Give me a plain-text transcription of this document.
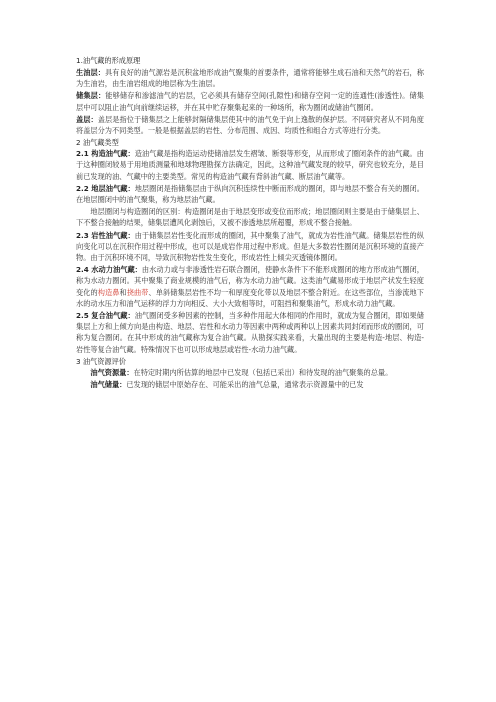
1.油气藏的形成原理

生油层：具有良好的油气源岩是沉积盆地形成油气聚集的首要条件，通常将能够生成石油和天然气的岩石，称为生油岩，由生油岩组成的地层称为生油层。

储集层：能够储存和渗滤油气的岩层，它必须具有储存空间(孔隙性)和储存空间一定的连通性(渗透性)。储集层中可以阻止油气向前继续运移，并在其中贮存聚集起来的一种场所，称为圈闭或储油气圈闭。

盖层：盖层是指位于储集层之上能够封隔储集层使其中的油气免于向上逸散的保护层。不同研究者从不同角度将盖层分为不同类型。一般是根据盖层的岩性、分布范围、成因、均质性和组合方式等进行分类。

2 油气藏类型

2.1 构造油气藏：造油气藏是指构造运动使储油层发生褶皱、断裂等形变，从而形成了圈闭条件的油气藏。由于这种圈闭较易于用地质测量和地球物理勘探方法确定，因此，这种油气藏发现的较早，研究也较充分，是目前已发现的油、气藏中的主要类型。常见的构造油气藏有背斜油气藏、断层油气藏等。

2.2 地层油气藏：地层圈闭是指储集层由于纵向沉积连续性中断而形成的圈闭，即与地层不整合有关的圈闭。在地层圈闭中的油气聚集，称为地层油气藏。

地层圈闭与构造圈闭的区别：构造圈闭是由于地层变形或变位而形成；地层圈闭则主要是由于储集层上、下不整合接触的结果，储集层遭风化剥蚀后，又被不渗透地层所超覆，形成不整合接触。

2.3 岩性油气藏：由于储集层岩性变化而形成的圈闭，其中聚集了油气，就成为岩性油气藏。储集层岩性的纵向变化可以在沉积作用过程中形成，也可以是成岩作用过程中形成。但是大多数岩性圈闭是沉积环境的直接产物。由于沉积环境不同，导致沉积物岩性发生变化，形成岩性上倾尖灭透镜体圈闭。

2.4 水动力油气藏：由水动力或与非渗透性岩石联合圈闭，使静水条件下不能形成圈闭的地方形成油气圈闭，称为水动力圈闭。其中聚集了商业规模的油气后，称为水动力油气藏。这类油气藏易形成于地层产状发生轻度变化的构造鼻和挠曲带、单斜储集层岩性不均一和厚度变化带以及地层不整合附近。在这些部位，当渗流地下水的动水压力和油气运移的浮力方向相反、大小大致相等时，可阻挡和聚集油气，形成水动力油气藏。

2.5 复合油气藏：油气圈闭受多种因素的控制，当多种作用起大体相同的作用时，就成为复合圈闭，即如果储集层上方和上倾方向是由构造、地层、岩性和水动力等因素中两种或两种以上因素共同封闭而形成的圈闭，可称为复合圈闭。在其中形成的油气藏称为复合油气藏。从勘探实践来看，大量出现的主要是构造-地层、构造-岩性等复合油气藏。特殊情况下也可以形成地层或岩性-水动力油气藏。

3 油气资源评价

油气资源量：在特定时期内所估算的地层中已发现（包括已采出）和待发现的油气聚集的总量。

油气储量：已发现的储层中原始存在、可能采出的油气总量，通常表示资源量中的已发
